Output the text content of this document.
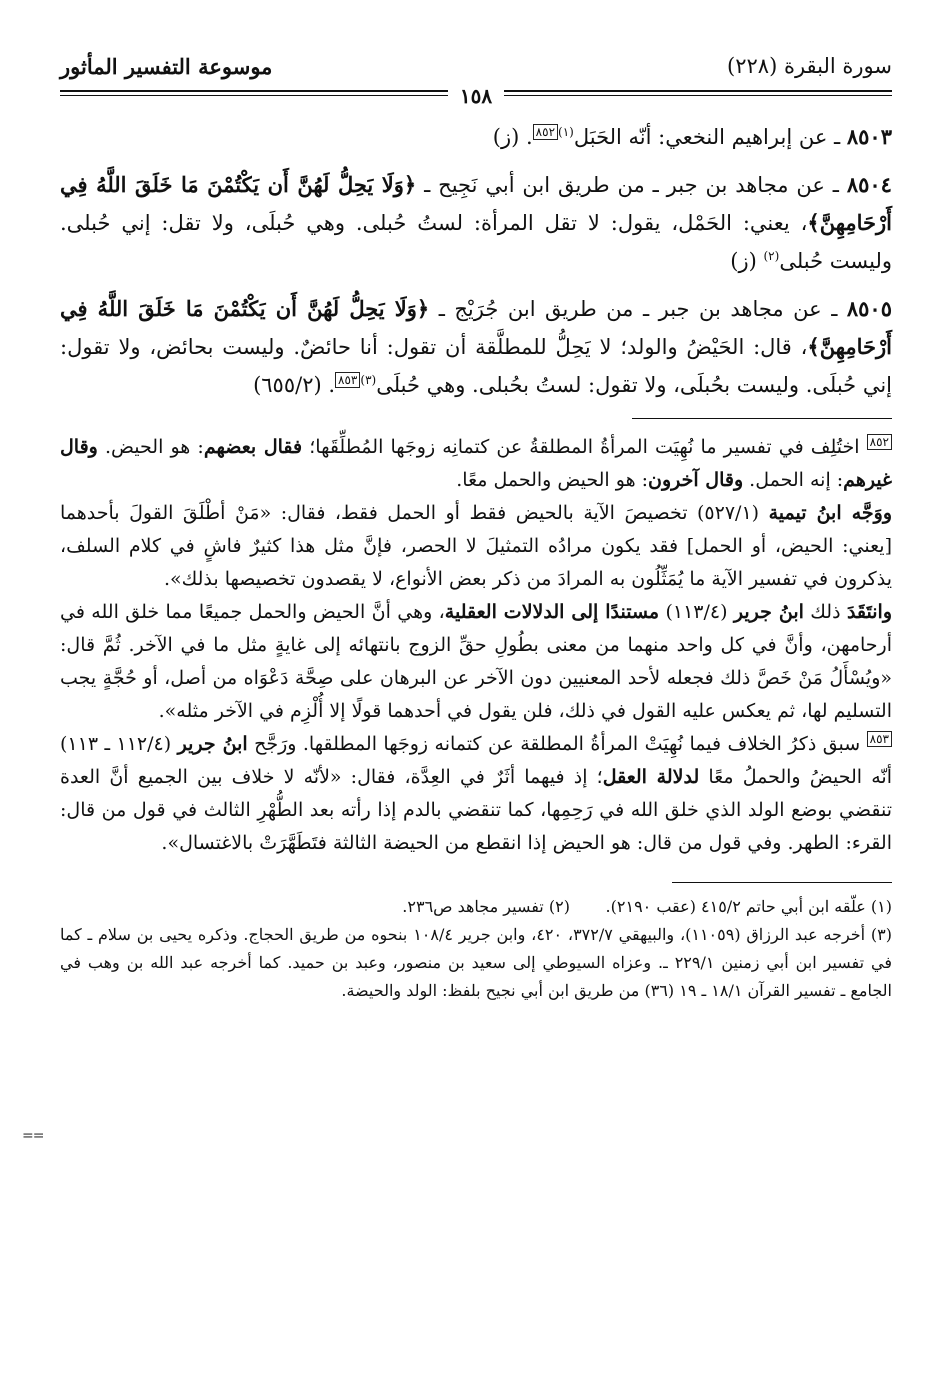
سورة البقرة (٢٢٨)
موسوعة التفسير المأثور
١٥٨

٨٥٠٣ ـ عن إبراهيم النخعي: أنّه الحَبَل$^{(١)٨٥٢}$. (ز)

٨٥٠٤ ـ عن مجاهد بن جبر ـ من طريق ابن أبي نَجِيح ـ ﴿وَلَا يَحِلُّ لَهُنَّ أَن يَكْتُمْنَ مَا خَلَقَ اللَّهُ فِي أَرْحَامِهِنَّ﴾، يعني: الحَمْل، يقول: لا تقل المرأة: لستُ حُبلى. وهي حُبلَى، ولا تقل: إني حُبلى. وليست حُبلى$^{(٢)}$ (ز)

٨٥٠٥ ـ عن مجاهد بن جبر ـ من طريق ابن جُرَيْج ـ ﴿وَلَا يَحِلُّ لَهُنَّ أَن يَكْتُمْنَ مَا خَلَقَ اللَّهُ فِي أَرْحَامِهِنَّ﴾، قال: الحَيْضُ والولد؛ لا يَحِلُّ للمطلَّقة أن تقول: أنا حائضٌ. وليست بحائض، ولا تقول: إني حُبلَى. وليست بحُبلَى، ولا تقول: لستُ بحُبلى. وهي حُبلَى$^{(٣)٨٥٣}$. (٦٥٥/٢)

$^{٨٥٢}$ اختُلِف في تفسير ما نُهِيَت المرأةُ المطلقةُ عن كتمانِه زوجَها المُطلِّقَها؛ فقال بعضهم: هو الحيض. وقال غيرهم: إنه الحمل. وقال آخرون: هو الحيض والحمل معًا.

ووَجَّه ابنُ تيمية (٥٢٧/١) تخصيصَ الآية بالحيض فقط أو الحمل فقط، فقال: «مَنْ أطْلَقَ القولَ بأحدهما [يعني: الحيض، أو الحمل] فقد يكون مرادُه التمثيلَ لا الحصر، فإنَّ مثل هذا كثيرٌ فاشٍ في كلام السلف، يذكرون في تفسير الآية ما يُمَثِّلُون به المرادَ من ذكر بعض الأنواع، لا يقصدون تخصيصها بذلك».

وانتَقَدَ ذلك ابنُ جرير (١١٣/٤) مستندًا إلى الدلالات العقلية، وهي أنَّ الحيض والحمل جميعًا مما خلق الله في أرحامهن، وأنَّ في كل واحد منهما من معنى بطُولِ حقِّ الزوج بانتهائه إلى غايةٍ مثل ما في الآخر. ثُمَّ قال: «ويُسْأَلُ مَنْ خَصَّ ذلك فجعله لأحد المعنيين دون الآخر عن البرهان على صِحَّة دَعْوَاه من أصل، أو حُجَّةٍ يجب التسليم لها، ثم يعكس عليه القول في ذلك، فلن يقول في أحدهما قولًا إلا أُلْزِم في الآخر مثله».

$^{٨٥٣}$ سبق ذكرُ الخلاف فيما نُهِيَتْ المرأةُ المطلقة عن كتمانه زوجَها المطلقها. ورَجَّح ابنُ جرير (١١٢/٤ ـ ١١٣) أنّه الحيضُ والحملُ معًا لدلالة العقل؛ إذ فيهما أثَرٌ في العِدَّة، فقال: «لأنّه لا خلاف بين الجميع أنَّ العدة تنقضي بوضع الولد الذي خلق الله في رَحِمِها، كما تنقضي بالدم إذا رأته بعد الطُّهْرِ الثالث في قول من قال: القرء: الطهر. وفي قول من قال: هو الحيض إذا انقطع من الحيضة الثالثة فتَطَهَّرَتْ بالاغتسال».

(١) علّقه ابن أبي حاتم ٤١٥/٢ (عقب ٢١٩٠).       (٢) تفسير مجاهد ص٢٣٦.

(٣) أخرجه عبد الرزاق (١١٠٥٩)، والبيهقي ٣٧٢/٧، ٤٢٠، وابن جرير ١٠٨/٤ بنحوه من طريق الحجاج. وذكره يحيى بن سلام ـ كما في تفسير ابن أبي زمنين ٢٢٩/١ ـ. وعزاه السيوطي إلى سعيد بن منصور، وعبد بن حميد. كما أخرجه عبد الله بن وهب في الجامع ـ تفسير القرآن ١٨/١ ـ ١٩ (٣٦) من طريق ابن أبي نجيح بلفظ: الولد والحيضة.

==
